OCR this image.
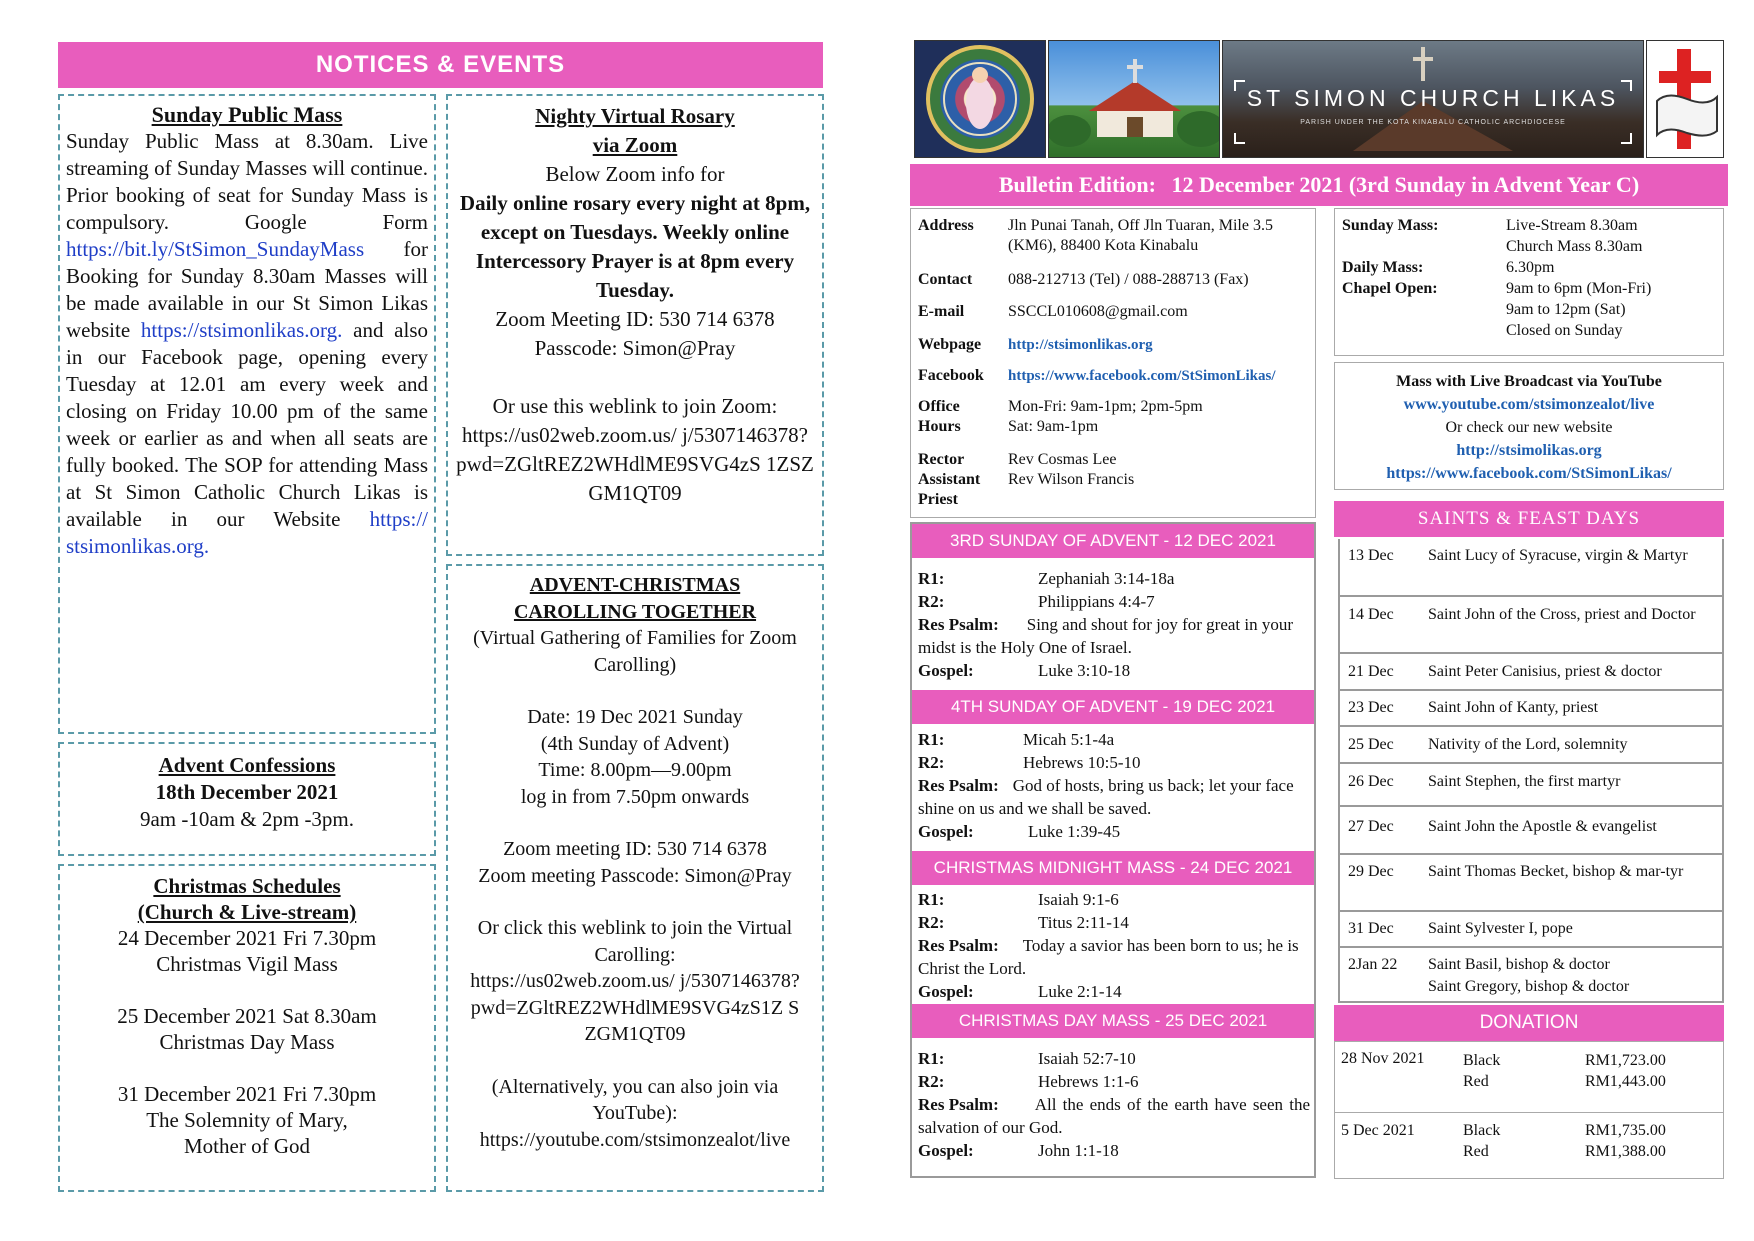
NOTICES & EVENTS
Sunday Public Mass
Sunday Public Mass at 8.30am. Live streaming of Sunday Masses will continue. Prior booking of seat for Sunday Mass is compulsory. Google Form https://bit.ly/StSimon_SundayMass for Booking for Sunday 8.30am Masses will be made available in our St Simon Likas website https://stsimonlikas.org. and also in our Facebook page, opening every Tuesday at 12.01 am every week and closing on Friday 10.00 pm of the same week or earlier as and when all seats are fully booked. The SOP for attending Mass at St Simon Catholic Church Likas is available in our Website https:// stsimonlikas.org.
Advent Confessions
18th December 2021
9am -10am & 2pm -3pm.
Christmas Schedules
(Church & Live-stream)
24 December 2021 Fri 7.30pm
Christmas Vigil Mass
25 December 2021 Sat 8.30am
Christmas Day Mass
31 December 2021 Fri 7.30pm
The Solemnity of Mary,
Mother of God
Nighty Virtual Rosary
via Zoom
Below Zoom info for
Daily online rosary every night at 8pm, except on Tuesdays. Weekly online Intercessory Prayer is at 8pm every Tuesday.
Zoom Meeting ID: 530 714 6378
Passcode: Simon@Pray
Or use this weblink to join Zoom:
https://us02web.zoom.us/ j/5307146378? pwd=ZGltREZ2WHdlME9SVG4zS 1ZSZGM1QT09
ADVENT-CHRISTMAS
CAROLLING TOGETHER
(Virtual Gathering of Families for Zoom Carolling)
Date: 19 Dec 2021 Sunday
(4th Sunday of Advent)
Time: 8.00pm—9.00pm
log in from 7.50pm onwards
Zoom meeting ID: 530 714 6378
Zoom meeting Passcode: Simon@Pray
Or click this weblink to join the Virtual Carolling:
https://us02web.zoom.us/ j/5307146378? pwd=ZGltREZ2WHdlME9SVG4zS1Z SZGM1QT09
(Alternatively, you can also join via YouTube):
https://youtube.com/stsimonzealot/live
ST SIMON CHURCH LIKAS
PARISH UNDER THE KOTA KINABALU CATHOLIC ARCHDIOCESE
Bulletin Edition: 12 December 2021 (3rd Sunday in Advent Year C)
Address Jln Punai Tanah, Off Jln Tuaran, Mile 3.5 (KM6), 88400 Kota Kinabalu
Contact 088-212713 (Tel) / 088-288713 (Fax)
E-mail	SSCCL010608@gmail.com
Webpage http://stsimonlikas.org
Facebook https://www.facebook.com/StSimonLikas/
Office Hours
Mon-Fri: 9am-1pm; 2pm-5pm
Sat: 9am-1pm
Rector	Rev Cosmas Lee
Assistant Priest
Rev Wilson Francis
Sunday Mass:	Live-Stream 8.30am
Church Mass 8.30am
Daily Mass:	6.30pm
Chapel Open:	9am to 6pm (Mon-Fri)
9am to 12pm (Sat)
Closed on Sunday
Mass with Live Broadcast via YouTube
www.youtube.com/stsimonzealot/live
Or check our new website
http://stsimolikas.org
https://www.facebook.com/StSimonLikas/
3RD SUNDAY OF ADVENT - 12 DEC 2021
R1:	Zephaniah 3:14-18a
R2:	Philippians 4:4-7
Res Psalm: Sing and shout for joy for great in your midst is the Holy One of Israel.
Gospel:	Luke 3:10-18
4TH SUNDAY OF ADVENT - 19 DEC 2021
R1:	Micah 5:1-4a
R2:	Hebrews 10:5-10
Res Psalm: God of hosts, bring us back; let your face shine on us and we shall be saved.
Gospel:	Luke 1:39-45
CHRISTMAS MIDNIGHT MASS - 24 DEC 2021
R1:	Isaiah 9:1-6
R2:	Titus 2:11-14
Res Psalm: Today a savior has been born to us; he is Christ the Lord.
Gospel:	Luke 2:1-14
CHRISTMAS DAY MASS - 25 DEC 2021
R1:	Isaiah 52:7-10
R2:	Hebrews 1:1-6
Res Psalm: All the ends of the earth have seen the salvation of our God.
Gospel:	John 1:1-18
SAINTS & FEAST DAYS
13 Dec Saint Lucy of Syracuse, virgin & Martyr
14 Dec Saint John of the Cross, priest and Doctor
21 Dec Saint Peter Canisius, priest & doctor
23 Dec Saint John of Kanty, priest
25 Dec Nativity of the Lord, solemnity
26 Dec Saint Stephen, the first martyr
27 Dec Saint John the Apostle & evangelist
29 Dec Saint Thomas Becket, bishop & mar-tyr
31 Dec Saint Sylvester I, pope
2Jan 22 Saint Basil, bishop & doctor
Saint Gregory, bishop & doctor
DONATION
28 Nov 2021 Black	RM1,723.00
Red	RM1,443.00
5 Dec 2021	Black	RM1,735.00
Red	RM1,388.00
